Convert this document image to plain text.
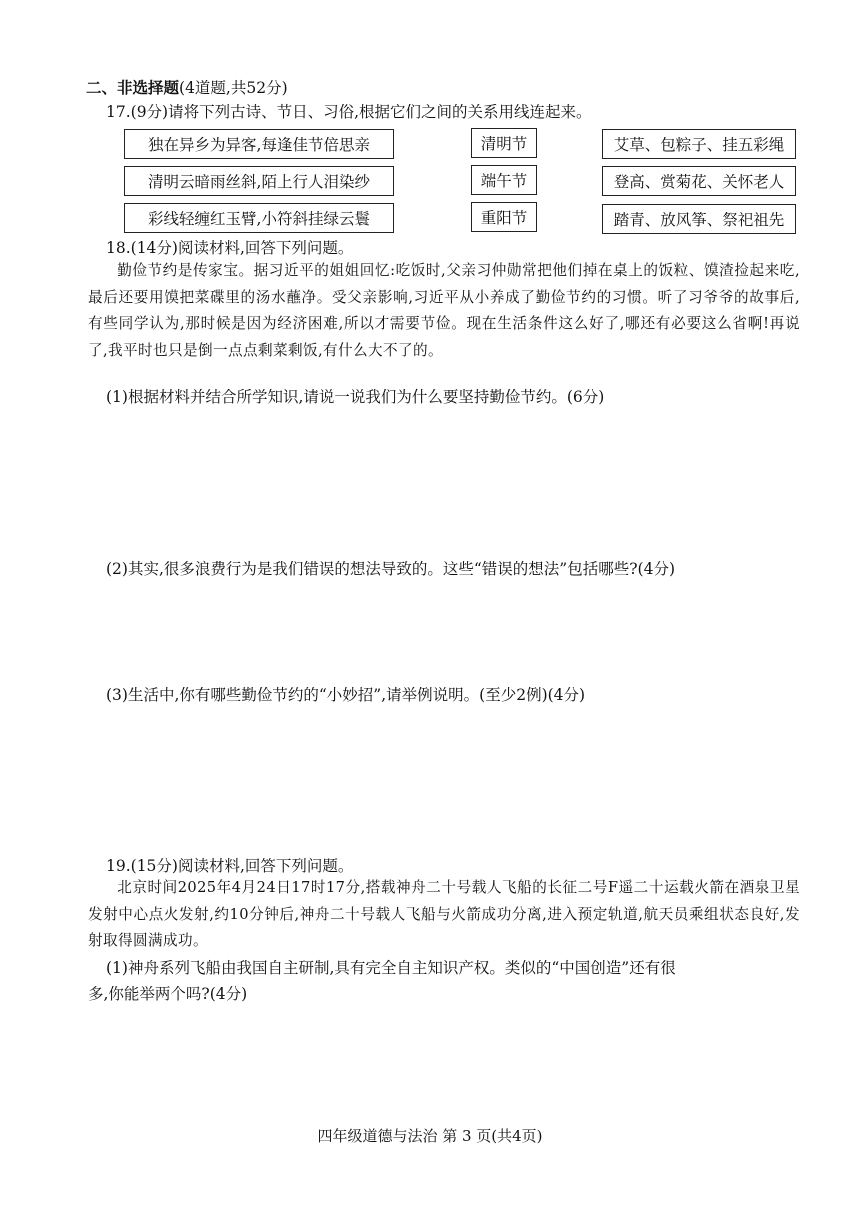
二、非选择题(4道题,共52分)
17.(9分)请将下列古诗、节日、习俗,根据它们之间的关系用线连起来。
独在异乡为异客,每逢佳节倍思亲
清明云暗雨丝斜,陌上行人泪染纱
彩线轻缠红玉臂,小符斜挂绿云鬟
清明节
端午节
重阳节
艾草、包粽子、挂五彩绳
登高、赏菊花、关怀老人
踏青、放风筝、祭祀祖先
18.(14分)阅读材料,回答下列问题。
勤俭节约是传家宝。据习近平的姐姐回忆:吃饭时,父亲习仲勋常把他们掉在桌上的饭粒、馍渣捡起来吃,最后还要用馍把菜碟里的汤水蘸净。受父亲影响,习近平从小养成了勤俭节约的习惯。听了习爷爷的故事后,有些同学认为,那时候是因为经济困难,所以才需要节俭。现在生活条件这么好了,哪还有必要这么省啊!再说了,我平时也只是倒一点点剩菜剩饭,有什么大不了的。
(1)根据材料并结合所学知识,请说一说我们为什么要坚持勤俭节约。(6分)
(2)其实,很多浪费行为是我们错误的想法导致的。这些“错误的想法”包括哪些?(4分)
(3)生活中,你有哪些勤俭节约的“小妙招”,请举例说明。(至少2例)(4分)
19.(15分)阅读材料,回答下列问题。
北京时间2025年4月24日17时17分,搭载神舟二十号载人飞船的长征二号F遥二十运载火箭在酒泉卫星发射中心点火发射,约10分钟后,神舟二十号载人飞船与火箭成功分离,进入预定轨道,航天员乘组状态良好,发射取得圆满成功。
(1)神舟系列飞船由我国自主研制,具有完全自主知识产权。类似的“中国创造”还有很
多,你能举两个吗?(4分)
四年级道德与法治 第 3 页(共4页)
